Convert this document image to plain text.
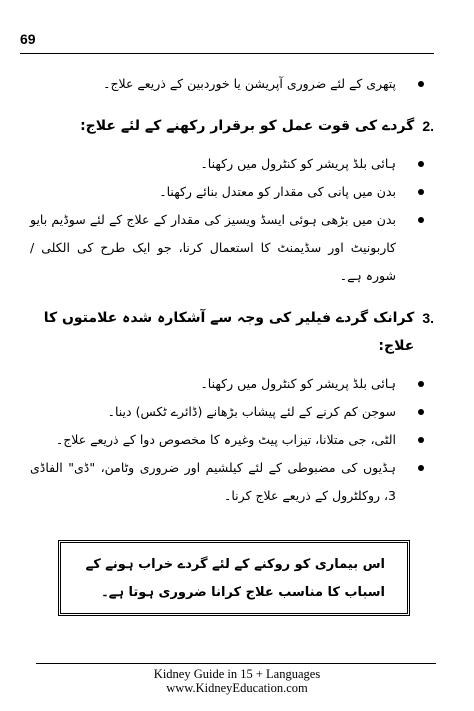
69
پتھری کے لئے ضروری آپریشن یا خوردبین کے ذریعے علاج۔
2.
گردے کی قوت عمل کو برقرار رکھنے کے لئے علاج:
ہائی بلڈ پریشر کو کنٹرول میں رکھنا۔
بدن میں پانی کی مقدار کو معتدل بنائے رکھنا۔
بدن میں بڑھی ہوئی ایسڈ ویسیز کی مقدار کے علاج کے لئے سوڈیم بایو کاربونیٹ اور سڈیمنٹ کا استعمال کرنا، جو ایک طرح کی الکلی / شورہ ہے۔
3.
کرانک گردے فیلیر کی وجہ سے آشکارہ شدہ علامتوں کا علاج:
ہائی بلڈ پریشر کو کنٹرول میں رکھنا۔
سوجن کم کرنے کے لئے پیشاب بڑھانے (ڈائرے ٹکس) دینا۔
الٹی، جی متلانا، تیزاب پیٹ وغیرہ کا مخصوص دوا کے ذریعے علاج۔
ہڈیوں کی مضبوطی کے لئے کیلشیم اور ضروری وٹامن، "ڈی" الفاڈی 3، روکلٹرول کے ذریعے علاج کرنا۔
اس بیماری کو روکنے کے لئے گردے خراب ہونے کے اسباب کا مناسب علاج کرانا ضروری ہوتا ہے۔
Kidney Guide in 15 + Languages
www.KidneyEducation.com
